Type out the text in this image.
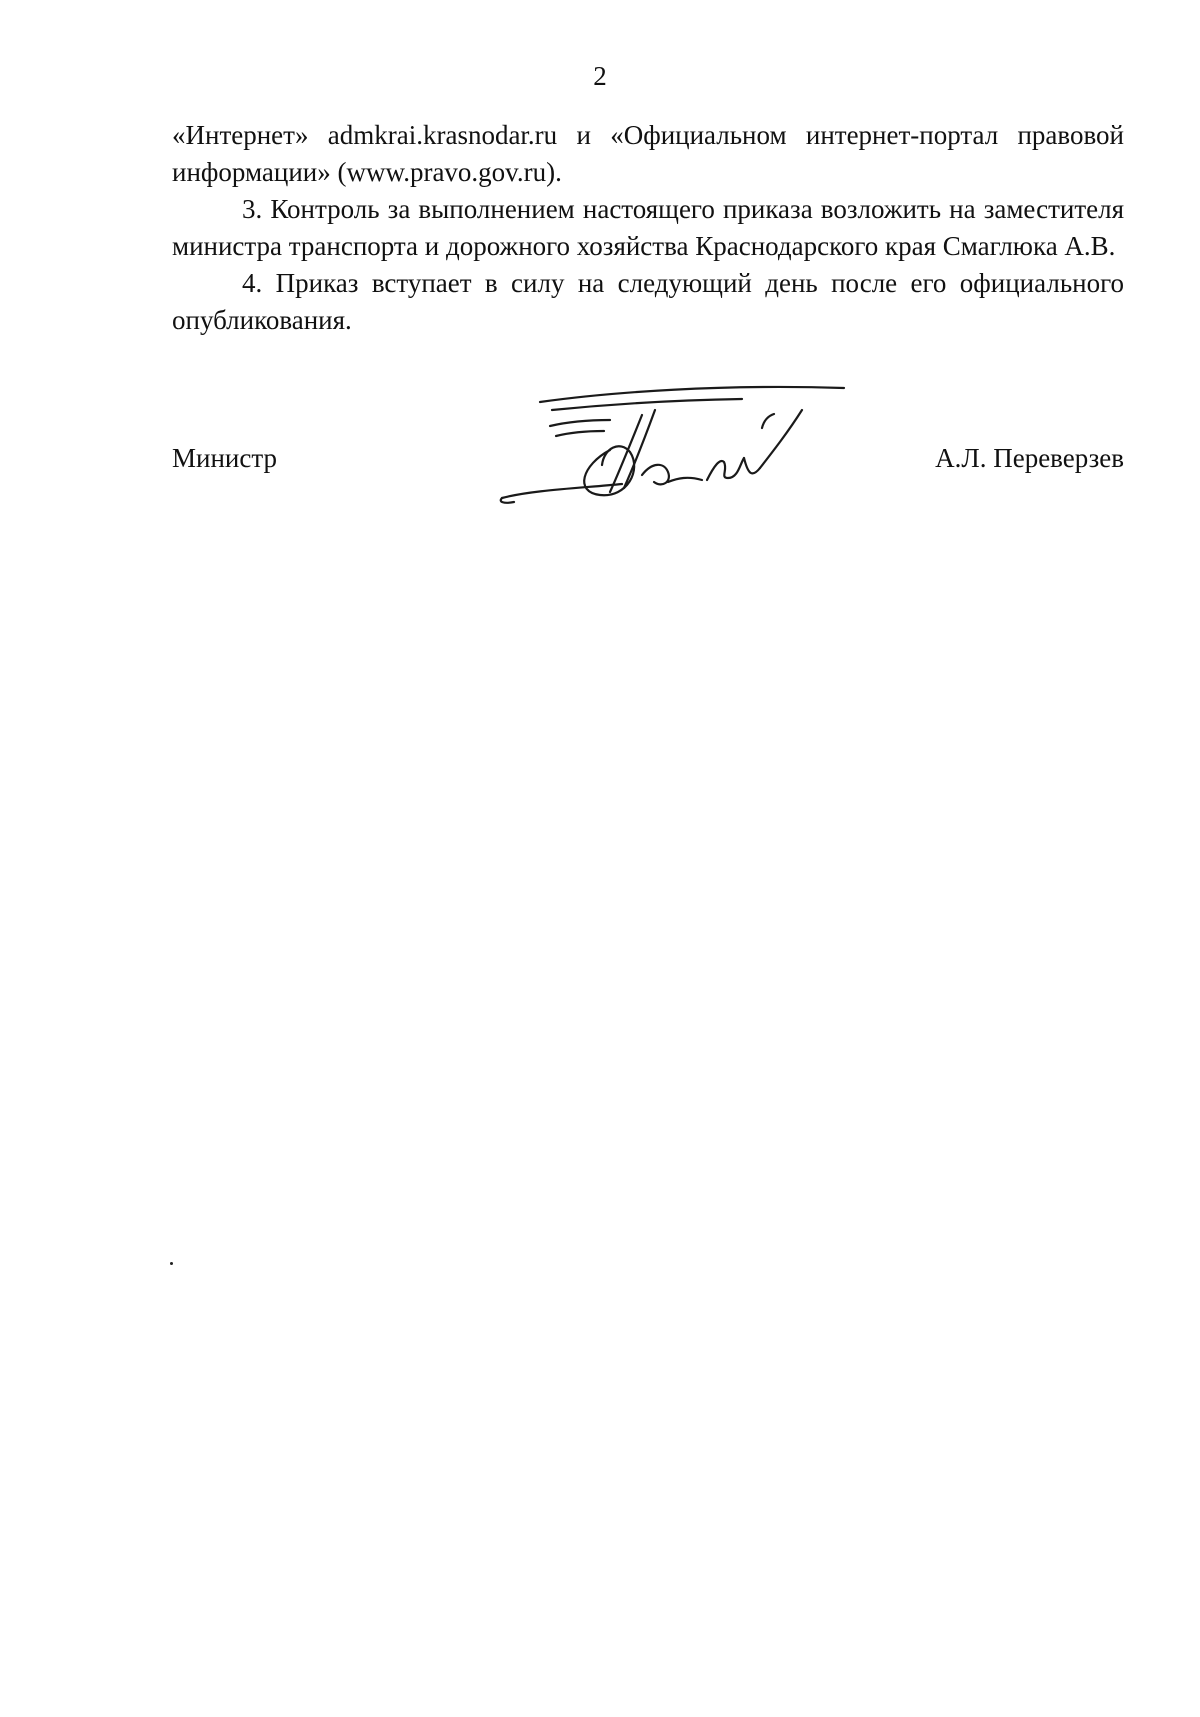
2

«Интернет» admkrai.krasnodar.ru и «Официальном интернет-портал правовой информации» (www.pravo.gov.ru).

3. Контроль за выполнением настоящего приказа возложить на заместителя министра транспорта и дорожного хозяйства Краснодарского края Смаглюка А.В.

4. Приказ вступает в силу на следующий день после его официального опубликования.

Министр	А.Л. Переверзев
